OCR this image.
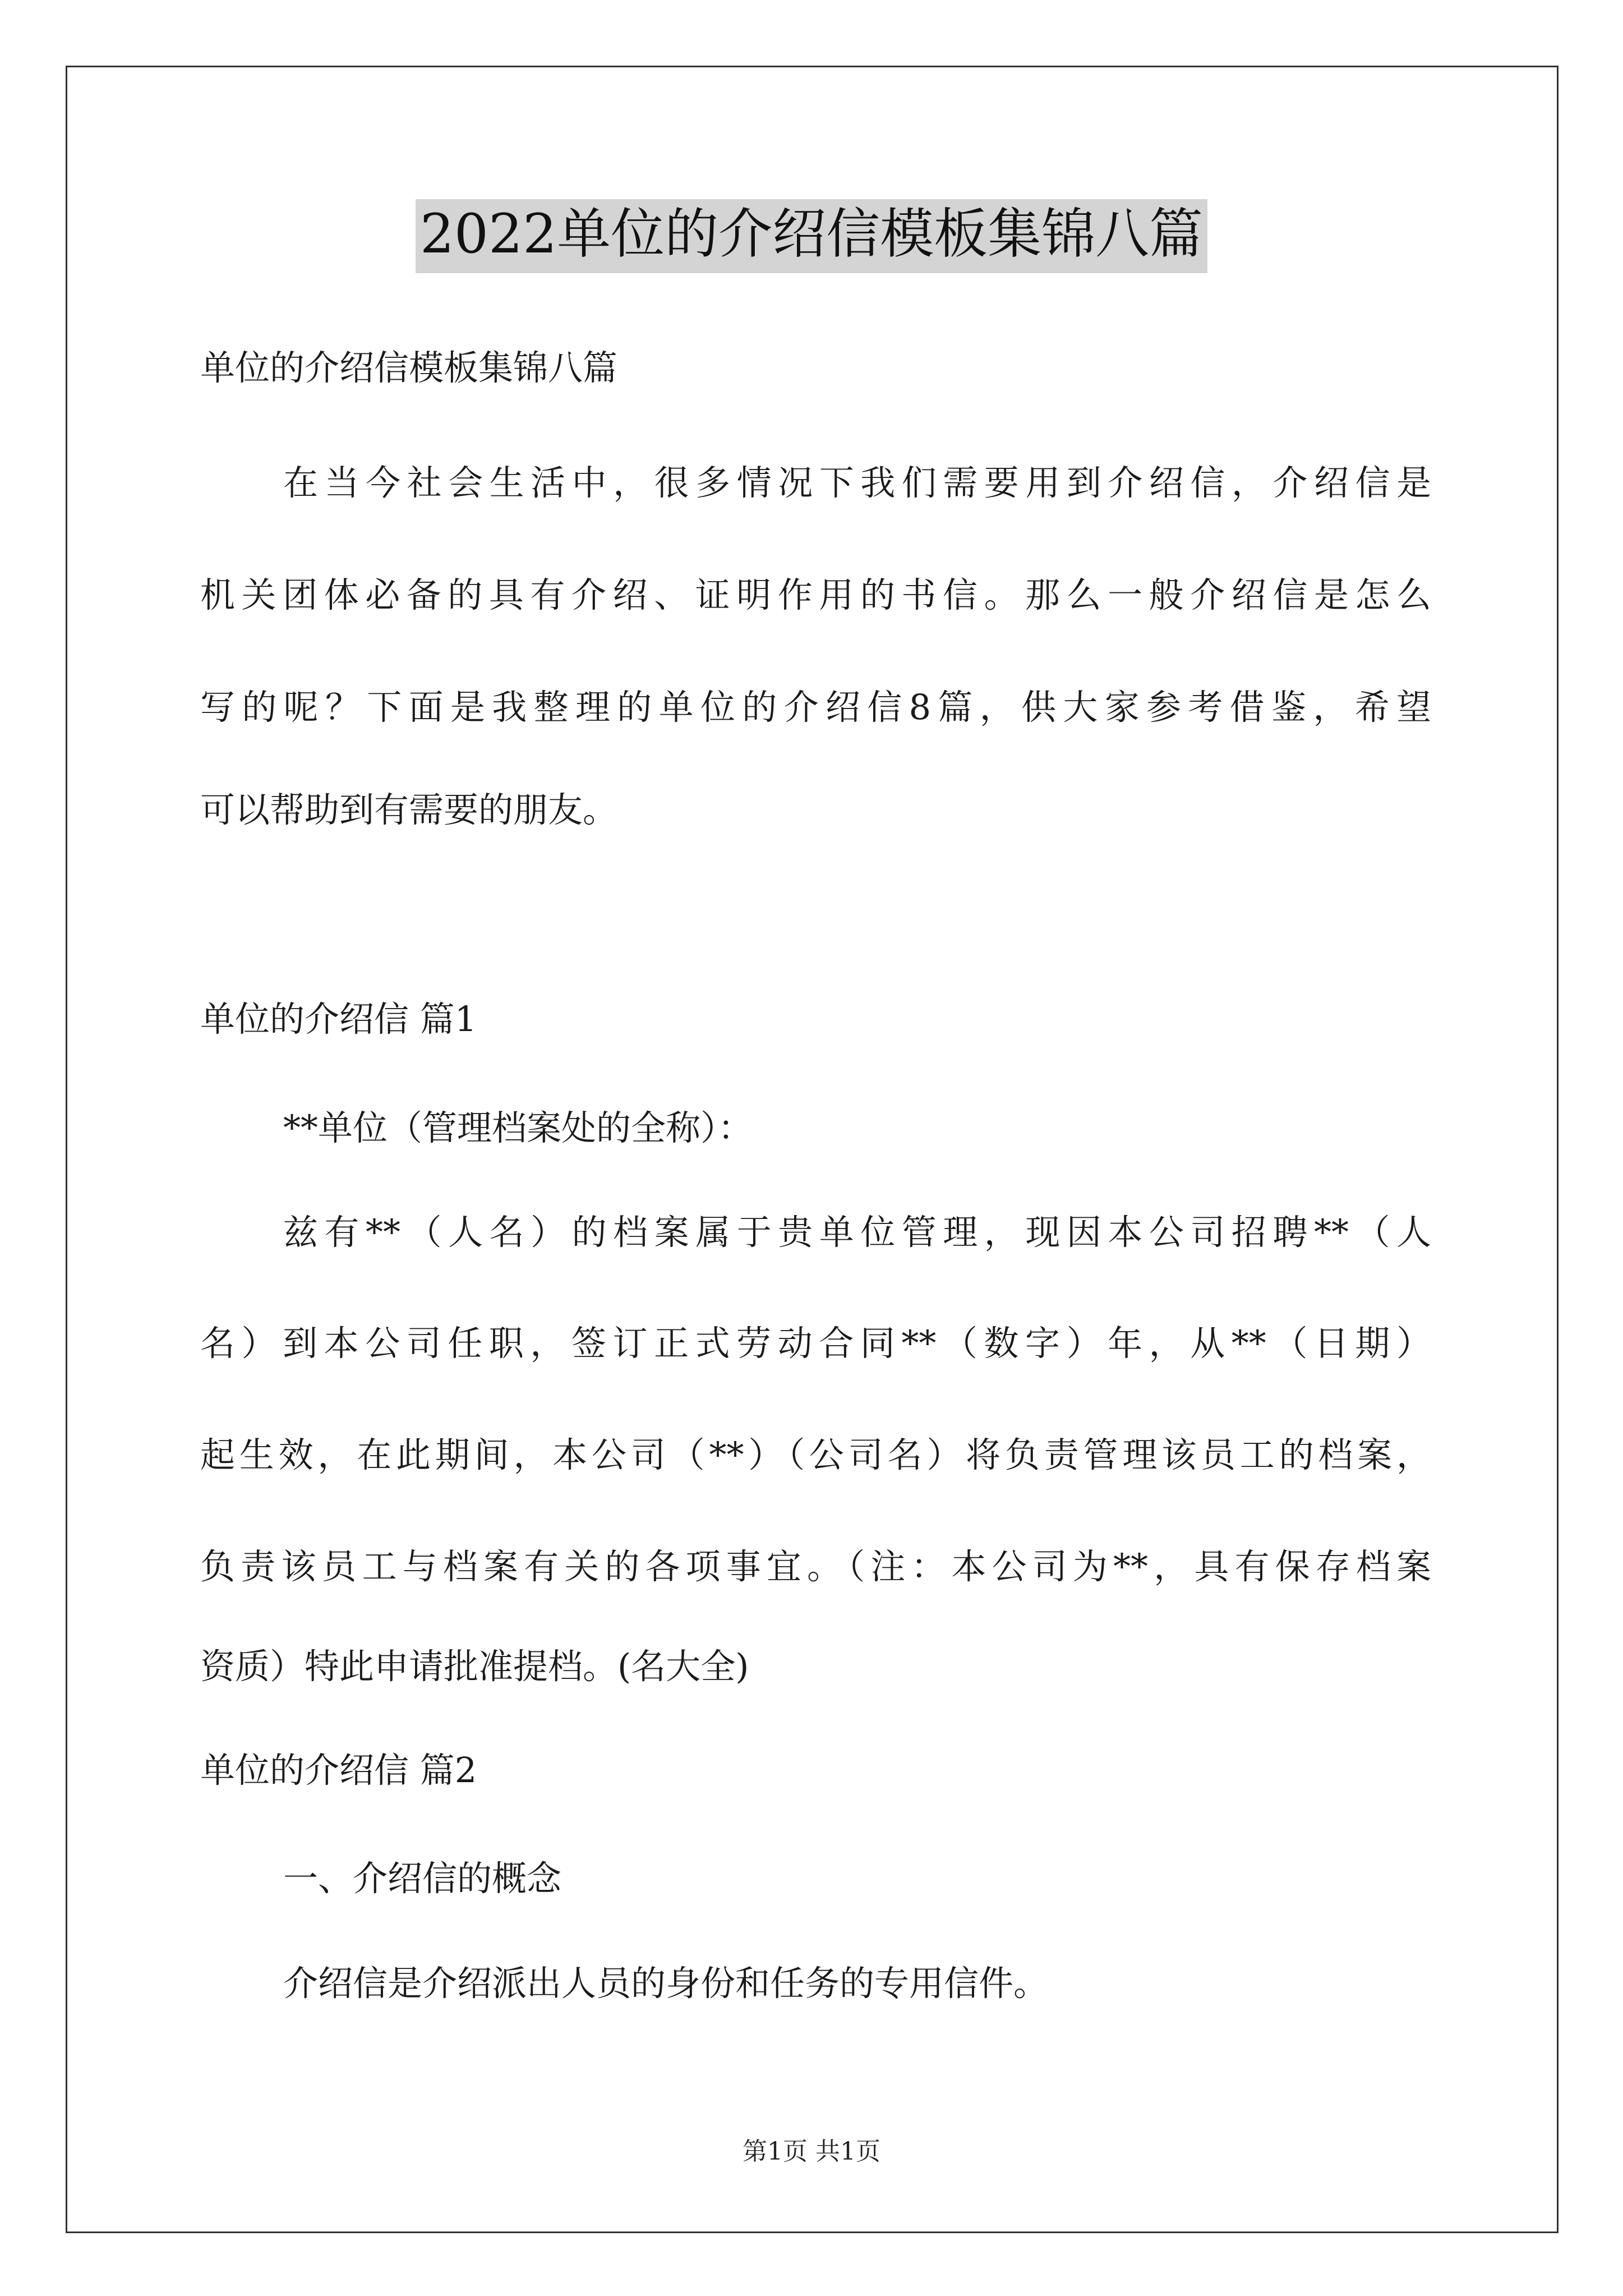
2022单位的介绍信模板集锦八篇
单位的介绍信模板集锦八篇
在当今社会生活中，很多情况下我们需要用到介绍信，介绍信是
机关团体必备的具有介绍、证明作用的书信。那么一般介绍信是怎么
写的呢？下面是我整理的单位的介绍信8篇，供大家参考借鉴，希望
可以帮助到有需要的朋友。
单位的介绍信 篇1
**单位（管理档案处的全称）：
兹有**（人名）的档案属于贵单位管理，现因本公司招聘**（人
名）到本公司任职，签订正式劳动合同**（数字）年，从**（日期）
起生效，在此期间，本公司（**）（公司名）将负责管理该员工的档案，
负责该员工与档案有关的各项事宜。（注：本公司为**，具有保存档案
资质）特此申请批准提档。(名大全)
单位的介绍信 篇2
一、介绍信的概念
介绍信是介绍派出人员的身份和任务的专用信件。
第1页 共1页
